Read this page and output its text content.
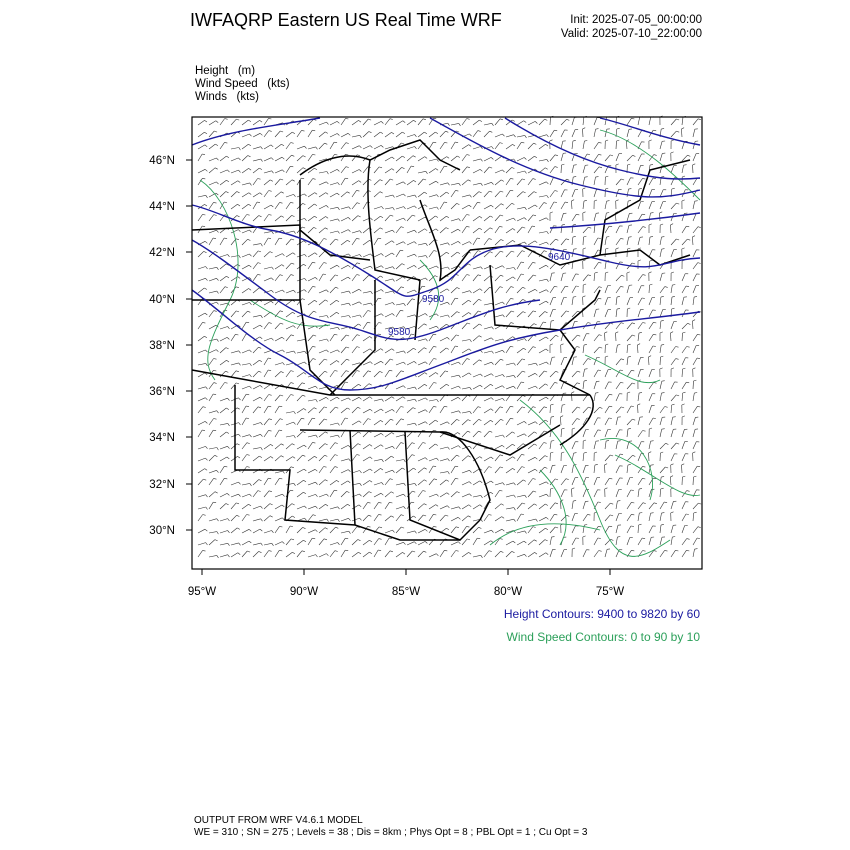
IWFAQRP Eastern US Real Time WRF	Init: 2025-07-05_00:00:00
Valid: 2025-07-10_22:00:00
Height (m)
Wind Speed (kts)
Winds (kts)
9640
9580
9580
46°N
44°N
42°N
40°N
38°N
36°N
34°N
32°N
30°N
95°W	90°W	85°W	80°W	75°W
Height Contours: 9400 to 9820 by 60
Wind Speed Contours: 0 to 90 by 10
OUTPUT FROM WRF V4.6.1 MODEL
WE = 310 ; SN = 275 ; Levels = 38 ; Dis = 8km ; Phys Opt = 8 ; PBL Opt = 1 ; Cu Opt = 3
